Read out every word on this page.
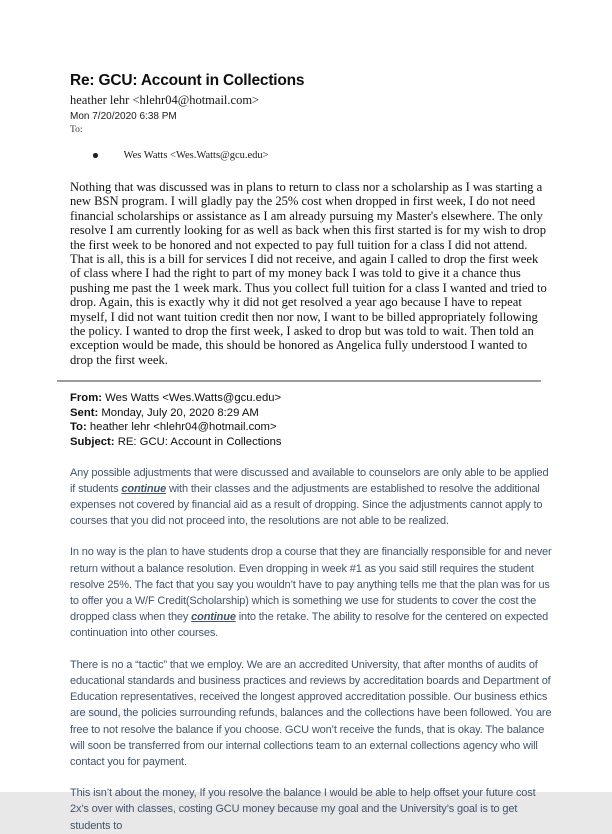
Re: GCU: Account in Collections
heather lehr <hlehr04@hotmail.com>
Mon 7/20/2020 6:38 PM
To:
Wes Watts <Wes.Watts@gcu.edu>
Nothing that was discussed was in plans to return to class nor a scholarship as I was starting a new BSN program. I will gladly pay the 25% cost when dropped in first week, I do not need financial scholarships or assistance as I am already pursuing my Master's elsewhere. The only resolve I am currently looking for as well as back when this first started is for my wish to drop the first week to be honored and not expected to pay full tuition for a class I did not attend. That is all, this is a bill for services I did not receive, and again I called to drop the first week of class where I had the right to part of my money back I was told to give it a chance thus pushing me past the 1 week mark. Thus you collect full tuition for a class I wanted and tried to drop. Again, this is exactly why it did not get resolved a year ago because I have to repeat myself, I did not want tuition credit then nor now, I want to be billed appropriately following the policy. I wanted to drop the first week, I asked to drop but was told to wait. Then told an exception would be made, this should be honored as Angelica fully understood I wanted to drop the first week.
From: Wes Watts <Wes.Watts@gcu.edu>
Sent: Monday, July 20, 2020 8:29 AM
To: heather lehr <hlehr04@hotmail.com>
Subject: RE: GCU: Account in Collections
Any possible adjustments that were discussed and available to counselors are only able to be applied if students continue with their classes and the adjustments are established to resolve the additional expenses not covered by financial aid as a result of dropping. Since the adjustments cannot apply to courses that you did not proceed into, the resolutions are not able to be realized.
In no way is the plan to have students drop a course that they are financially responsible for and never return without a balance resolution. Even dropping in week #1 as you said still requires the student resolve 25%. The fact that you say you wouldn’t have to pay anything tells me that the plan was for us to offer you a W/F Credit(Scholarship) which is something we use for students to cover the cost the dropped class when they continue into the retake. The ability to resolve for the centered on expected continuation into other courses.
There is no a “tactic” that we employ. We are an accredited University, that after months of audits of educational standards and business practices and reviews by accreditation boards and Department of Education representatives, received the longest approved accreditation possible. Our business ethics are sound, the policies surrounding refunds, balances and the collections have been followed. You are free to not resolve the balance if you choose. GCU won’t receive the funds, that is okay. The balance will soon be transferred from our internal collections team to an external collections agency who will contact you for payment.
This isn’t about the money, If you resolve the balance I would be able to help offset your future cost 2x’s over with classes, costing GCU money because my goal and the University’s goal is to get students to
